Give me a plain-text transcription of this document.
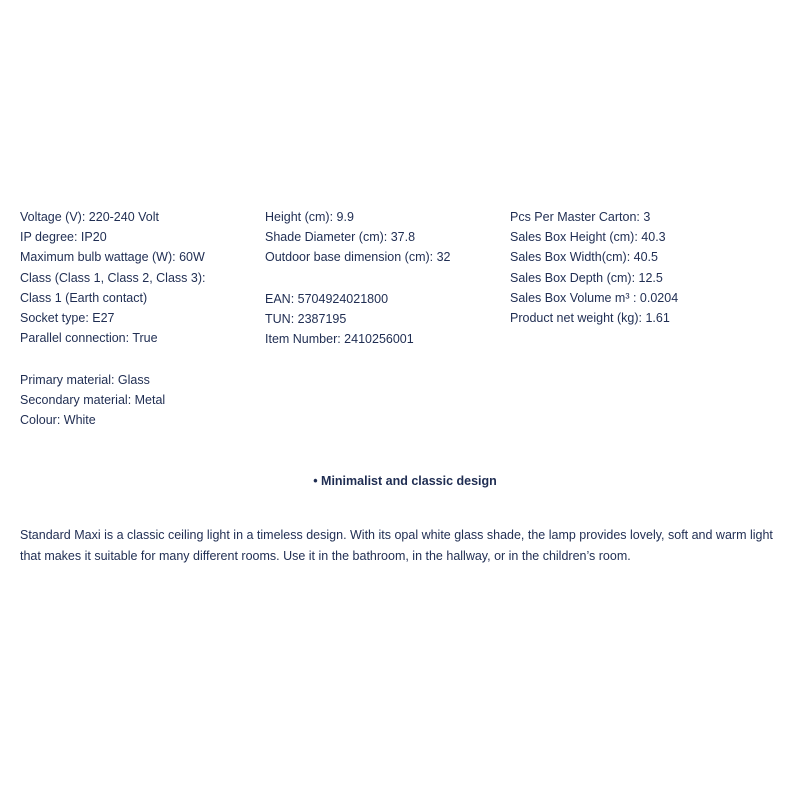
Voltage (V): 220-240 Volt
IP degree: IP20
Maximum bulb wattage (W): 60W
Class (Class 1, Class 2, Class 3):
Class 1 (Earth contact)
Socket type: E27
Parallel connection: True
Primary material: Glass
Secondary material: Metal
Colour: White
Height (cm): 9.9
Shade Diameter (cm): 37.8
Outdoor base dimension (cm): 32
EAN: 5704924021800
TUN: 2387195
Item Number: 2410256001
Pcs Per Master Carton: 3
Sales Box Height (cm): 40.3
Sales Box Width(cm): 40.5
Sales Box Depth (cm): 12.5
Sales Box Volume m³ : 0.0204
Product net weight (kg): 1.61
• Minimalist and classic design
Standard Maxi is a classic ceiling light in a timeless design. With its opal white glass shade, the lamp provides lovely, soft and warm light that makes it suitable for many different rooms. Use it in the bathroom, in the hallway, or in the children’s room.
